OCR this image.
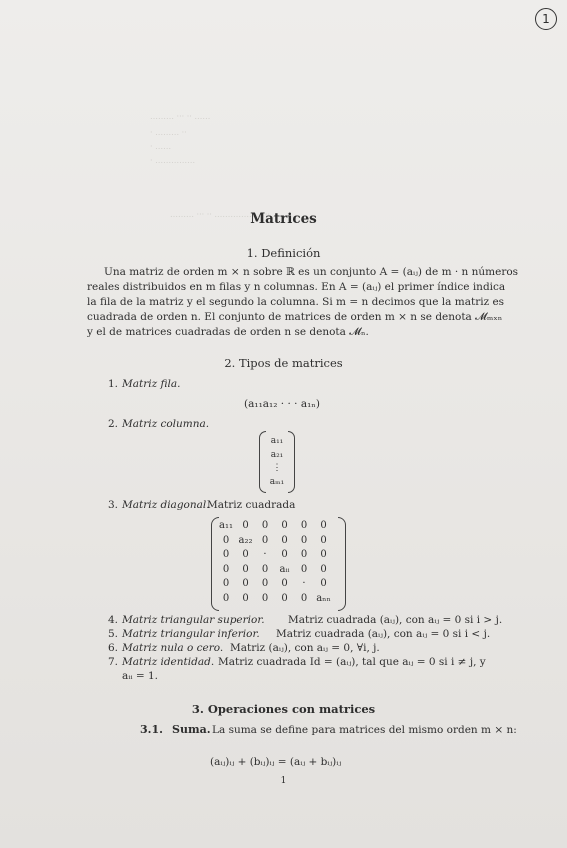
……… ··· ·· ……
· ……… ··
· ……
· ……………
……… ··· ·· ……………… ·· ……
1
Matrices
1. Definición
Una matriz de orden m × n sobre ℝ es un conjunto A = (aᵢⱼ) de m · n números
reales distribuidos en m filas y n columnas. En A = (aᵢⱼ) el primer índice indica
la fila de la matriz y el segundo la columna. Si m = n decimos que la matriz es
cuadrada de orden n. El conjunto de matrices de orden m × n se denota 𝓜ₘₓₙ
y el de matrices cuadradas de orden n se denota 𝓜ₙ.
2. Tipos de matrices
1. Matriz fila.
(a₁₁a₁₂ · · · a₁ₙ)
2. Matriz columna.
a₁₁
a₂₁
⋮
aₘ₁
3. Matriz diagonal.
Matriz cuadrada
a₁₁ 0	0	0	0	0
0 a₂₂ 0	0	0	0
0	0	·	0	0	0
0	0	0	aᵢᵢ	0	0
0	0	0	0	·	0
0	0	0	0	0 aₙₙ
4. Matriz triangular superior. Matriz cuadrada (aᵢⱼ), con aᵢⱼ = 0 si i > j.
5. Matriz triangular inferior. Matriz cuadrada (aᵢⱼ), con aᵢⱼ = 0 si i < j.
6. Matriz nula o cero. Matriz (aᵢⱼ), con aᵢⱼ = 0, ∀i, j.
7. Matriz identidad. Matriz cuadrada Id = (aᵢⱼ), tal que aᵢⱼ = 0 si i ≠ j, y
aᵢᵢ = 1.
3. Operaciones con matrices
3.1. Suma. La suma se define para matrices del mismo orden m × n:
(aᵢⱼ)ᵢⱼ + (bᵢⱼ)ᵢⱼ = (aᵢⱼ + bᵢⱼ)ᵢⱼ
1
